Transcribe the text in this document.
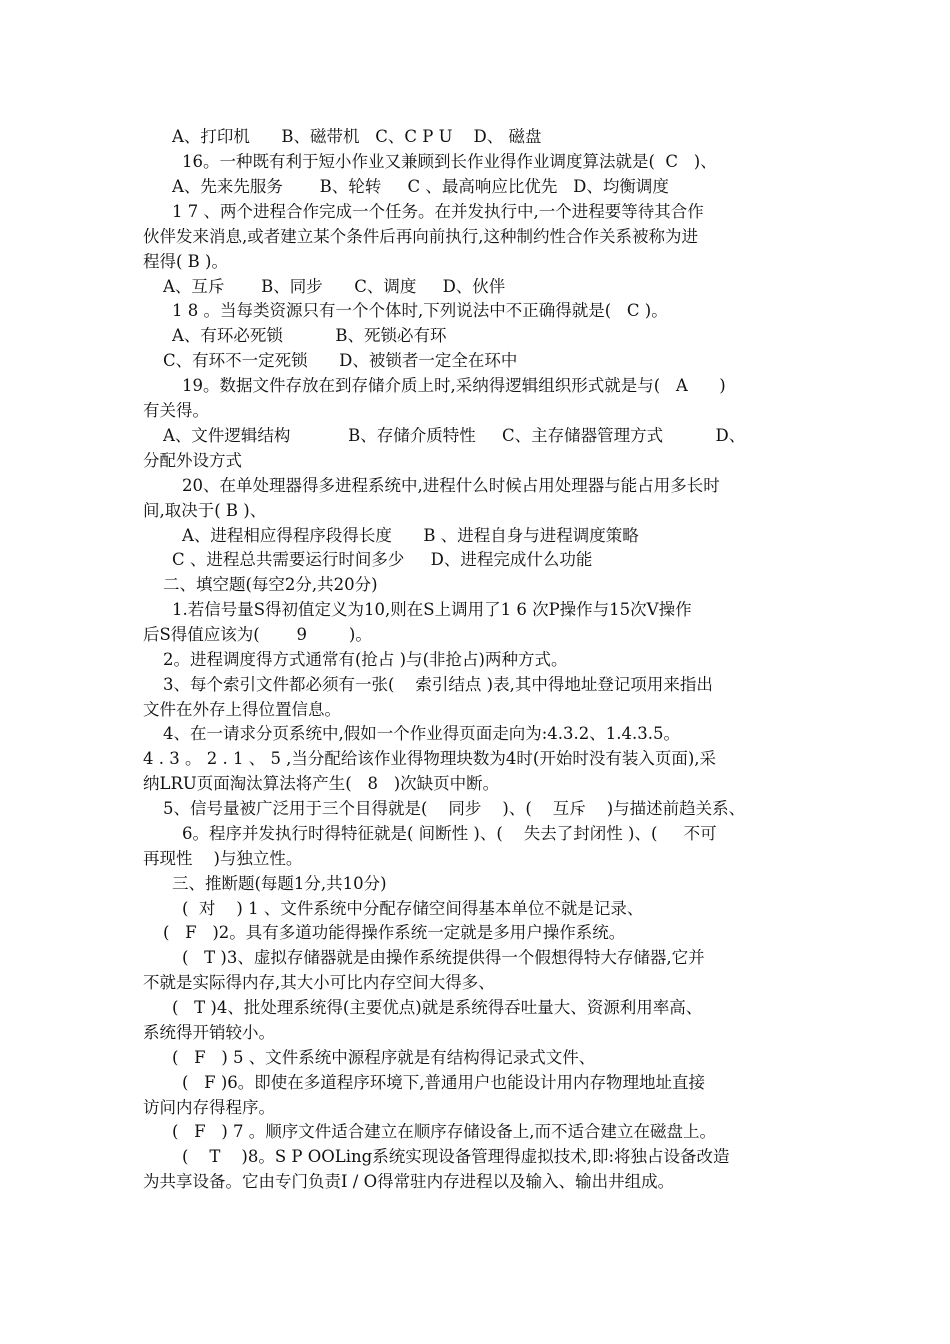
A、打印机      B、磁带机   C、C P U    D、 磁盘
16。一种既有利于短小作业又兼顾到长作业得作业调度算法就是(  C   )、
A、先来先服务       B、轮转     C 、最高响应比优先   D、均衡调度
1 7 、两个进程合作完成一个任务。在并发执行中,一个进程要等待其合作
伙伴发来消息,或者建立某个条件后再向前执行,这种制约性合作关系被称为进
程得( B )。
A、互斥       B、同步      C、调度     D、伙伴
1 8 。当每类资源只有一个个体时,下列说法中不正确得就是(   C )。
A、有环必死锁          B、死锁必有环
C、有环不一定死锁      D、被锁者一定全在环中
19。数据文件存放在到存储介质上时,采纳得逻辑组织形式就是与(   A      )
有关得。
A、文件逻辑结构           B、存储介质特性     C、主存储器管理方式          D、
分配外设方式
20、在单处理器得多进程系统中,进程什么时候占用处理器与能占用多长时
间,取决于( B )、
A、进程相应得程序段得长度      B 、进程自身与进程调度策略
C 、进程总共需要运行时间多少     D、进程完成什么功能
二、填空题(每空2分,共20分)
1.若信号量S得初值定义为10,则在S上调用了1 6 次P操作与15次V操作
后S得值应该为(       9        )。
2。进程调度得方式通常有(抢占 )与(非抢占)两种方式。
3、每个索引文件都必须有一张(    索引结点 )表,其中得地址登记项用来指出
文件在外存上得位置信息。
4、在一请求分页系统中,假如一个作业得页面走向为:4.3.2、1.4.3.5。
4 . 3 。 2 . 1 、 5 ,当分配给该作业得物理块数为4时(开始时没有装入页面),采
纳LRU页面淘汰算法将产生(   8   )次缺页中断。
5、信号量被广泛用于三个目得就是(    同步    )、(    互斥    )与描述前趋关系、
6。程序并发执行时得特征就是( 间断性 )、(    失去了封闭性 )、(     不可
再现性    )与独立性。
三、推断题(每题1分,共10分)
(  对    ) 1 、文件系统中分配存储空间得基本单位不就是记录、
(   F   )2。具有多道功能得操作系统一定就是多用户操作系统。
(   T )3、虚拟存储器就是由操作系统提供得一个假想得特大存储器,它并
不就是实际得内存,其大小可比内存空间大得多、
(   T )4、批处理系统得(主要优点)就是系统得吞吐量大、资源利用率高、
系统得开销较小。
(   F   ) 5 、文件系统中源程序就是有结构得记录式文件、
(   F )6。即使在多道程序环境下,普通用户也能设计用内存物理地址直接
访问内存得程序。
(   F   ) 7 。顺序文件适合建立在顺序存储设备上,而不适合建立在磁盘上。
(    T    )8。S P OOLing系统实现设备管理得虚拟技术,即:将独占设备改造
为共享设备。它由专门负责I / O得常驻内存进程以及输入、输出井组成。
